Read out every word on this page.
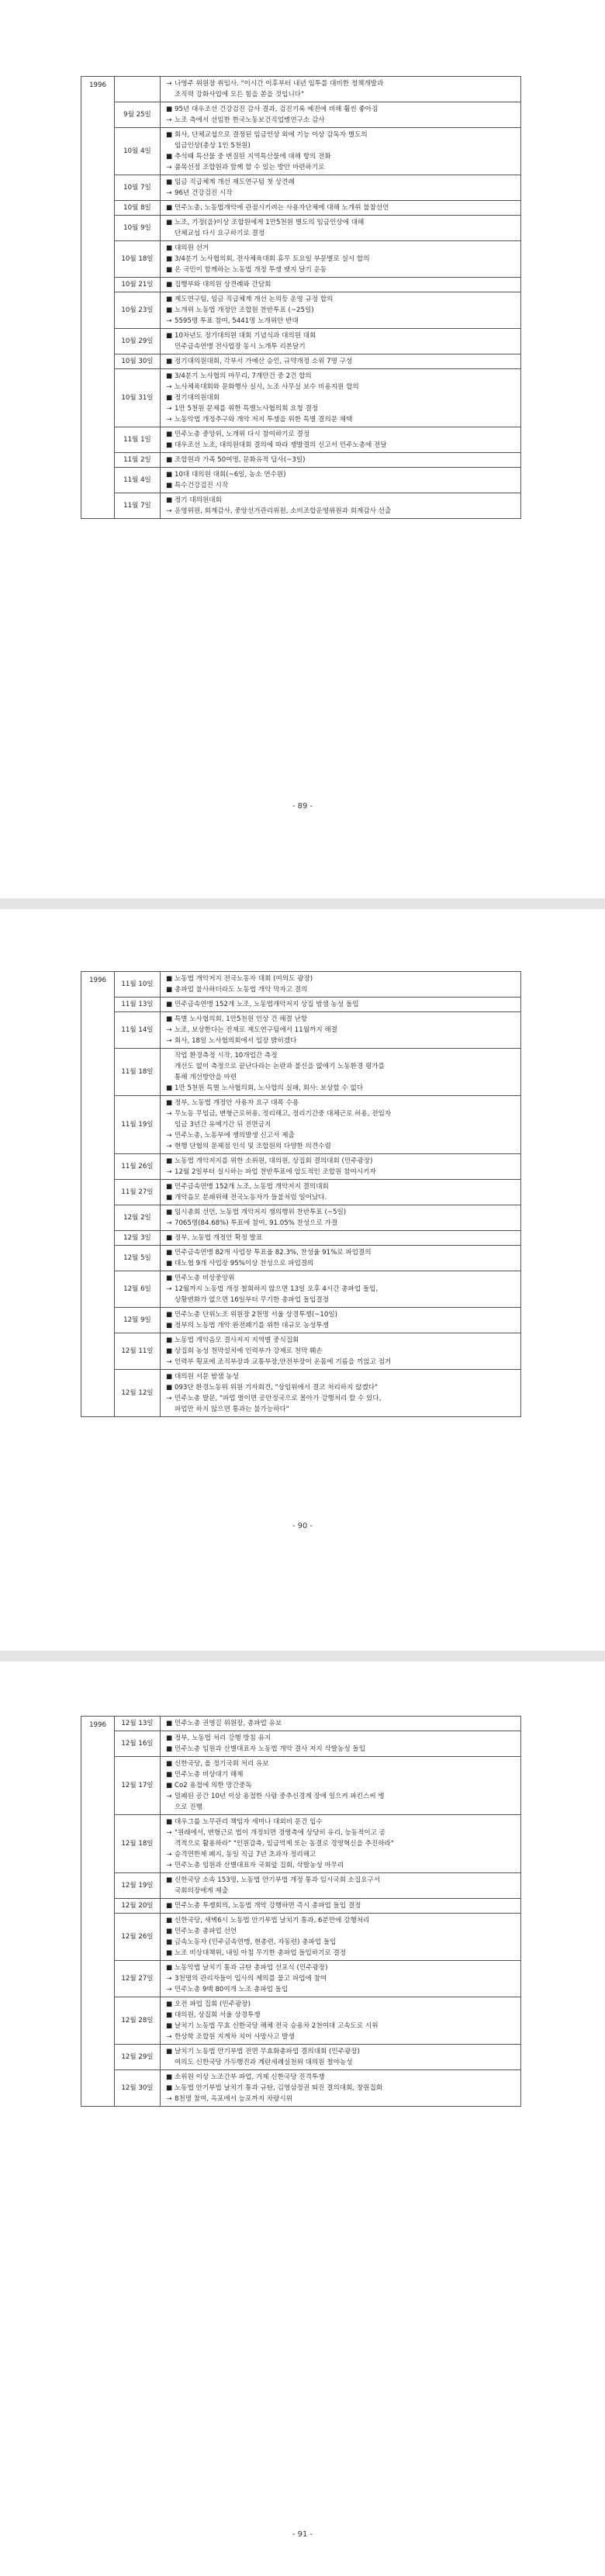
1996		→ 나영주 위원장 취임사. "이시간 이후부터 내년 임투를 대비한 정책개발과
조직력 강화사업에 모든 힘을 쏟을 것입니다"

	9월 25일	■ 95년 대우조선 건강검진 감사 결과, 검진기록 예전에 비해 훨씬 좋아짐
→ 노조 측에서 선임한 한국노동보건직업병연구소 감사

	10월 4일	■ 회사, 단체교섭으로 결정된 임금인상 외에 기능 이상 감독자 별도의
임금인상(총상 1인 5천원)
■ 추석때 특산물 중 변질된 지역특산물에 대해 항의 전화
→ 품목선정 조합원과 함께 할 수 있는 방안 마련하기로

	10월 7일	■ 임금 직급체계 개선 제도연구팀 첫 상견례
→ 96년 건강검진 시작

	10월 8일	■ 민주노총, 노동법개악에 관점시키려는 사용자단체에 대해 노개위 불참선언

	10월 9일	■ 노조, 기정(을)이상 조합원에게 1만5천원 별도의 임금인상에 대해
단체교섭 다시 요구하기로 결정

	10월 18일	■ 대의원 선거
■ 3/4분기 노사협의회, 전사체육대회 휴무 토요일 부문별로 실시 합의
■ 온 국민이 함께하는 노동법 개정 투쟁 뱃지 달기 운동

	10월 21일	■ 집행부와 대의원 상견례와 간담회

	10월 23일	■ 제도연구팀, 임금 직급체계 개선 논의등 운영 규정 합의
■ 노개위 노동법 개정안 조합원 찬반투표 (~25일)
→ 5595명 투표 참여, 5441명 노개위안 반대

	10월 29일	■ 10차년도 정기대의원 대회 기념식과 대의원 대회
민주금속연맹 전사업장 동시 노개투 리본달기

	10월 30일	■ 정기대의원대회, 각부서 가예산 승인, 규약개정 소위 7명 구성

	10월 31일	■ 3/4분기 노사협의 마무리, 7개안건 중 2건 합의
→ 노사체육대회와 문화행사 실시, 노조 사무실 보수 비용지원 합의
■ 정기대의원대회
→ 1만 5천원 문제를 위한 특별노사협의회 요청 결정
→ 노동악법 개정추구와 개악 저지 투쟁을 위한 특별 결의문 채택

	11월 1일	■ 민주노총 중앙위, 노개위 다시 참여하기로 결정
■ 대우조선 노조, 대의원대회 결의에 따라 쟁발결의 신고서 민주노총에 전달

	11월 2일	■ 조합원과 가족 50여명, 문화유적 답사(~3일)

	11월 4일	■ 10대 대의원 대회(~6일, 농소 연수원)
■ 특수건강검진 시작

	11월 7일	■ 정기 대의원대회
→ 운영위원, 회계감사, 중앙선거관리위원, 소비조합운영위원과 회계감사 선출
- 89 -
1996	11월 10일	■ 노동법 개악저지 전국노동자 대회 (여의도 광장)
■ 총파업 불사하더라도 노동법 개악 막자고 결의

	11월 13일	■ 민주금속연맹 152개 노조, 노동법개악저지 상집 밤샘 농성 돌입

	11월 14일	■ 특별 노사협의회, 1만5천원 인상 건 해결 난항
→ 노조, 보상한다는 전제로 제도연구팀에서 11월까지 해결
→ 회사, 18일 노사협의회에서 입장 밝히겠다

	11월 18일	작업 환경측정 시작, 10개업간 측정
개선도 없이 측정으로 끝난다라는 논란과 불신을 없애기 노동환경 평가를
통해 개선방안을 마련
■ 1만 5천원 특별 노사협의회, 노사합의 실패, 회사: 보상할 수 없다

	11월 19일	■ 정부, 노동법 개정안 사용자 요구 대폭 수용
→ 무노동 무임금, 변형근로허용, 정리해고, 정리기간중 대체근로 허용, 전임자
임금 3년간 유예기간 뒤 전면금지
→ 민주노총, 노동부에 쟁의발생 신고서 제출
→ 현행 단협의 문제점 인식 및 조합원의 다양한 의견수렴

	11월 26일	■ 노동법 개악저지를 위한 소위원, 대의원, 상집회 결의대회 (민주광장)
→ 12월 2일부터 실시하는 파업 찬반투표에 압도적인 조합원 참여시키자

	11월 27일	■ 민주금속연맹 152개 노조, 노동법 개악저지 결의대회
■ 개악음모 분쇄위해 전국노동자가 들불처럼 일어났다.

	12월 2일	■ 임시총회 선언, 노동법 개악저지 쟁의행위 찬반투표 (~5일)
→ 7065명(84.68%) 투표에 참여, 91.05% 찬성으로 가결

	12월 3일	■ 정부, 노동법 개정안 확정 발표

	12월 5일	■ 민주금속연맹 82개 사업장 투표율 82.3%, 찬성율 91%로 파업결의
■ 대노협 9개 사업장 95%이상 찬성으로 파업결의

	12월 6일	■ 민주노총 비상중앙위
→ 12월까지 노동법 개정 철회하지 않으면 13일 오후 4시간 총파업 돌입,
상황변화가 없으면 16일부터 무기한 총파업 돌입결정

	12월 9일	■ 민주노총 단위노조 위원장 2천명 서울 상경투쟁(~10일)
■ 정부의 노동법 개악 완전폐기를 위한 대규모 농성투쟁

	12월 11일	■ 노동법 개악음모 결사저지 지역별 중식집회
■ 상집회 농성 천막설치에 인력부가 강제로 천막 훼손
→ 인력부 횡포에 조직부장과 교통부장,안전부장이 온몸에 기름을 끼얹고 점거

	12월 12일	■ 대의원 서문 밤샘 농성
■ 093단 환경노동위 위원 기자회견, "상임위에서 결코 처리하지 않겠다"
→ 민주노총 발문, "파업 벌이면 공안정국으로 몰아가 강행처리 할 수 있다,
파업만 하지 않으면 통과는 불가능하다"
- 90 -
1996	12월 13일	■ 민주노총 권영길 위원장, 총파업 유보

	12월 16일	■ 정부, 노동법 처리 강행 방침 유지
■ 민주노총 임원과 산별대표자 노동법 개악 결사 저지 삭발농성 돌입

	12월 17일	■ 신한국당, 올 정기국회 처리 유보
■ 민주노총 비상대기 해제
■ Co2 용접에 의한 망간중독
→ 밀폐된 공간 10년 이상 용접한 사람 중추신경계 장애 일으켜 파킨스씨 병
으로 진행

	12월 18일	■ 대우그룹 노무관리 책임자 세미나 대외비 문건 입수
→ "원래에서, 변형근로 법이 개정되면 경영측에 상당히 유리, 능동적이고 공
격적으로 활용하라" "인원감축, 임금억제 또는 동결로 경영혁신을 추진하라"
→ 승격연한제 폐지, 동일 직급 7년 초과자 정리해고
→ 민주노총 임원과 산별대표자 국회앞 집회, 삭발농성 마무리

	12월 19일	■ 신한국당 소속 153명, 노동법 안기부법 개정 통과 임시국회 소집요구서
국회의장에게 제출

	12월 20일	■ 민주노총 투쟁회의, 노동법 개악 강행하면 즉시 총파업 돌입 결정

	12월 26일	■ 신한국당, 새벽6시 노동법 안기부법 날치기 통과, 6분만에 강행처리
■ 민주노총 총파업 선언
■ 금속노동자 (민주금속연맹, 현총련, 자동련) 총파업 돌입
■ 노조 비상대책위, 내일 아침 무기한 총파업 돌입하기로 결정

	12월 27일	■ 노동악법 날치기 통과 규탄 총파업 선포식 (민주광장)
→ 3천명의 관리자들이 입사의 제의를 물고 파업에 참여
→ 민주노총 9백 80여개 노조 총파업 돌입

	12월 28일	■ 오전 파업 집회 (민주광장)
■ 대의원, 상집회 서울 상경투쟁
■ 날치기 노동법 무효 신한국당 해체 전국 승용차 2천여대 고속도로 시위
→ 한상학 조합원 지게차 치어 사망사고 발생

	12월 29일	■ 날치기 노동법 안기부법 전면 무효화총파업 결의대회 (민주광장)
여의도 신한국당 가두행진과 계란세례실천위 대의원 철야농성

	12월 30일	■ 소위원 이상 노조간부 파업, 거제 신한국당 진격투쟁
■ 노동법 안기부법 날치기 통과 규탄, 김영삼정권 퇴진 결의대회, 창원집회
→ 8천명 참여, 옥포에서 능포까지 차량시위
- 91 -
